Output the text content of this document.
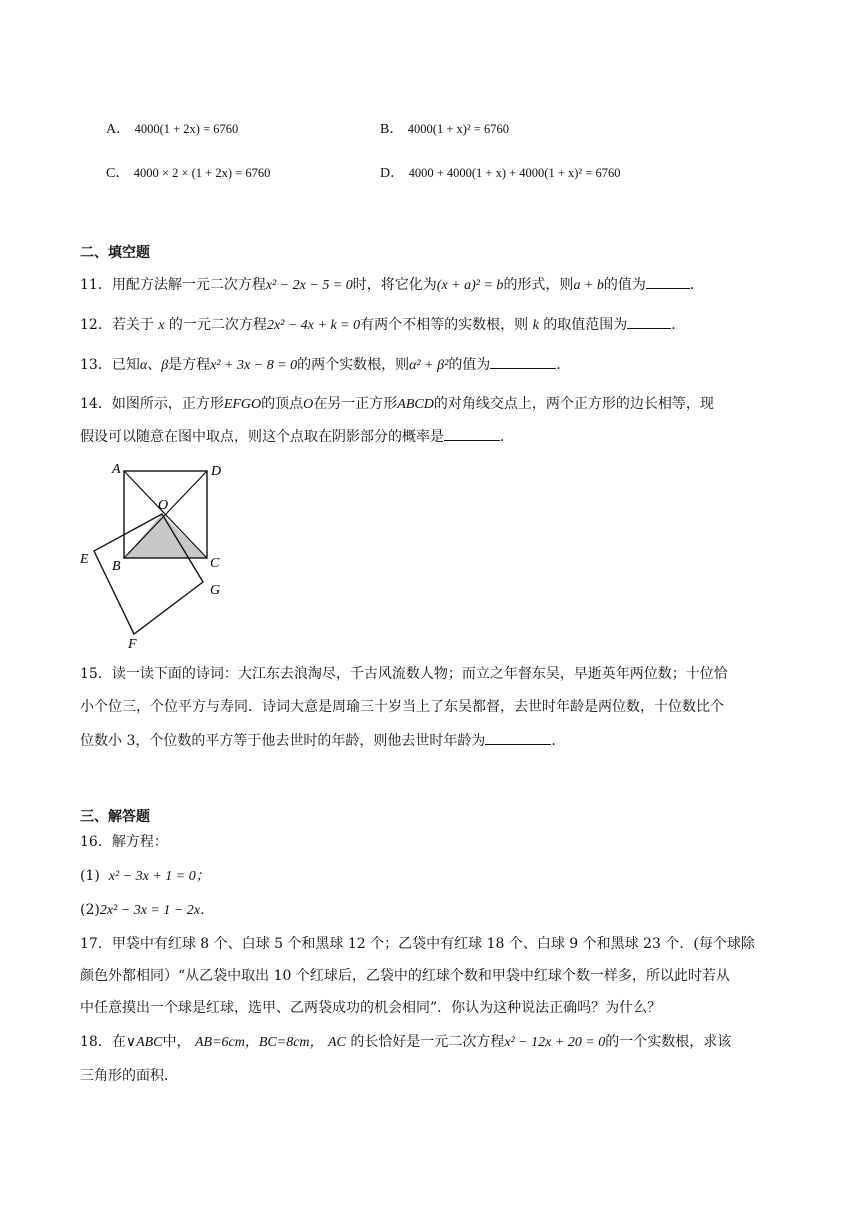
A． 4000(1 + 2x) = 6760	B． 4000(1 + x)² = 6760
C． 4000 × 2 × (1 + 2x) = 6760	D． 4000 + 4000(1 + x) + 4000(1 + x)² = 6760
二、填空题
11．用配方法解一元二次方程x² − 2x − 5 = 0时，将它化为(x + a)² = b的形式，则a + b的值为	．
12．若关于 x 的一元二次方程2x² − 4x + k = 0有两个不相等的实数根，则 k 的取值范围为	．
13．已知α、β是方程x² + 3x − 8 = 0的两个实数根，则α² + β²的值为	．
14．如图所示，正方形EFGO的顶点O在另一正方形ABCD的对角线交点上，两个正方形的边长相等，现
假设可以随意在图中取点，则这个点取在阴影部分的概率是	．
A	D
O
E B	C
G
F
15．读一读下面的诗词：大江东去浪淘尽，千古风流数人物；而立之年督东吴，早逝英年两位数；十位恰
小个位三，个位平方与寿同．诗词大意是周瑜三十岁当上了东吴都督，去世时年龄是两位数，十位数比个
位数小 3，个位数的平方等于他去世时的年龄，则他去世时年龄为	．
三、解答题
16．解方程：
(1) x² − 3x + 1 = 0；
(2)2x² − 3x = 1 − 2x．
17．甲袋中有红球 8 个、白球 5 个和黑球 12 个；乙袋中有红球 18 个、白球 9 个和黑球 23 个．(每个球除
颜色外都相同）“从乙袋中取出 10 个红球后，乙袋中的红球个数和甲袋中红球个数一样多，所以此时若从
中任意摸出一个球是红球，选甲、乙两袋成功的机会相同”．你认为这种说法正确吗？为什么？
18．在∨ABC中， AB=6cm，BC=8cm， AC 的长恰好是一元二次方程x² − 12x + 20 = 0的一个实数根，求该
三角形的面积．
